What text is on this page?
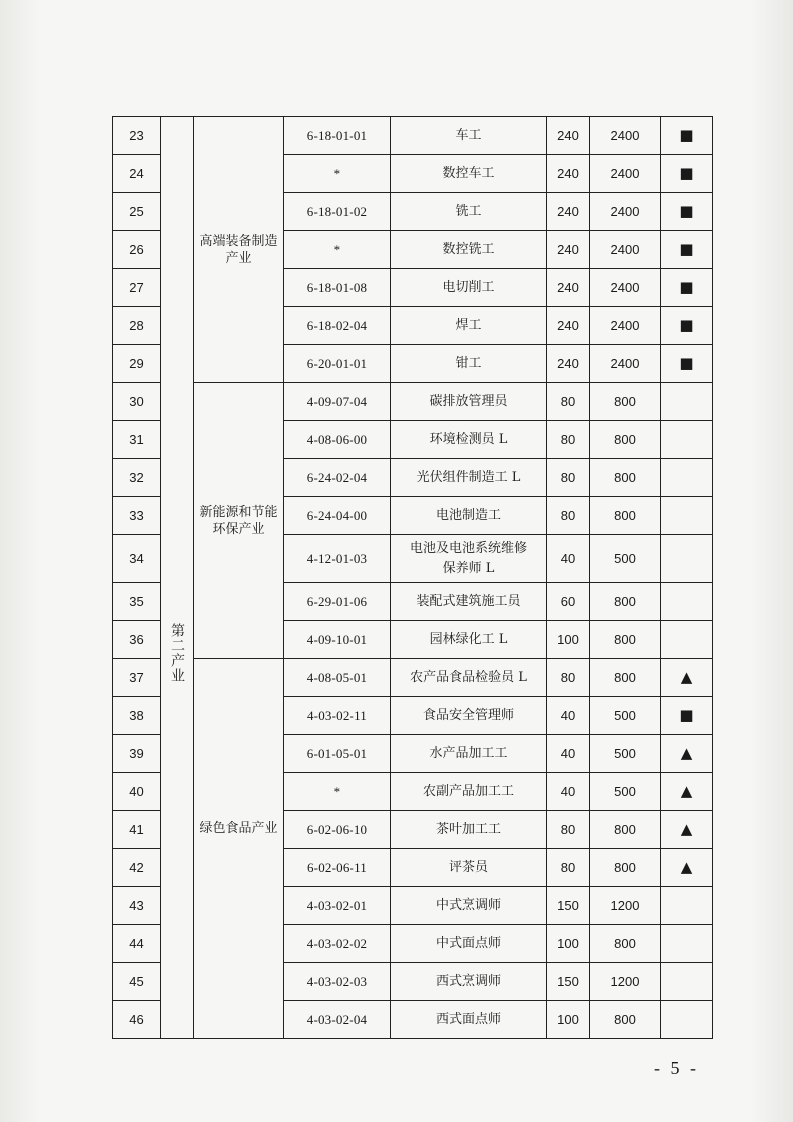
23	第二产业	高端装备制造产业	6-18-01-01	车工	240	2400	■
24			*	数控车工	240	2400	■
25			6-18-01-02	铣工	240	2400	■
26			*	数控铣工	240	2400	■
27			6-18-01-08	电切削工	240	2400	■
28			6-18-02-04	焊工	240	2400	■
29			6-20-01-01	钳工	240	2400	■
30		新能源和节能环保产业	4-09-07-04	碳排放管理员	80	800	
31			4-08-06-00	环境检测员 L	80	800	
32			6-24-02-04	光伏组件制造工 L	80	800	
33			6-24-04-00	电池制造工	80	800	
34			4-12-01-03	电池及电池系统维修保养师 L	40	500	
35			6-29-01-06	装配式建筑施工员	60	800	
36			4-09-10-01	园林绿化工 L	100	800	
37		绿色食品产业	4-08-05-01	农产品食品检验员 L	80	800	▲
38			4-03-02-11	食品安全管理师	40	500	■
39			6-01-05-01	水产品加工工	40	500	▲
40			*	农副产品加工工	40	500	▲
41			6-02-06-10	茶叶加工工	80	800	▲
42			6-02-06-11	评茶员	80	800	▲
43			4-03-02-01	中式烹调师	150	1200	
44			4-03-02-02	中式面点师	100	800	
45			4-03-02-03	西式烹调师	150	1200	
46			4-03-02-04	西式面点师	100	800	
- 5 -
